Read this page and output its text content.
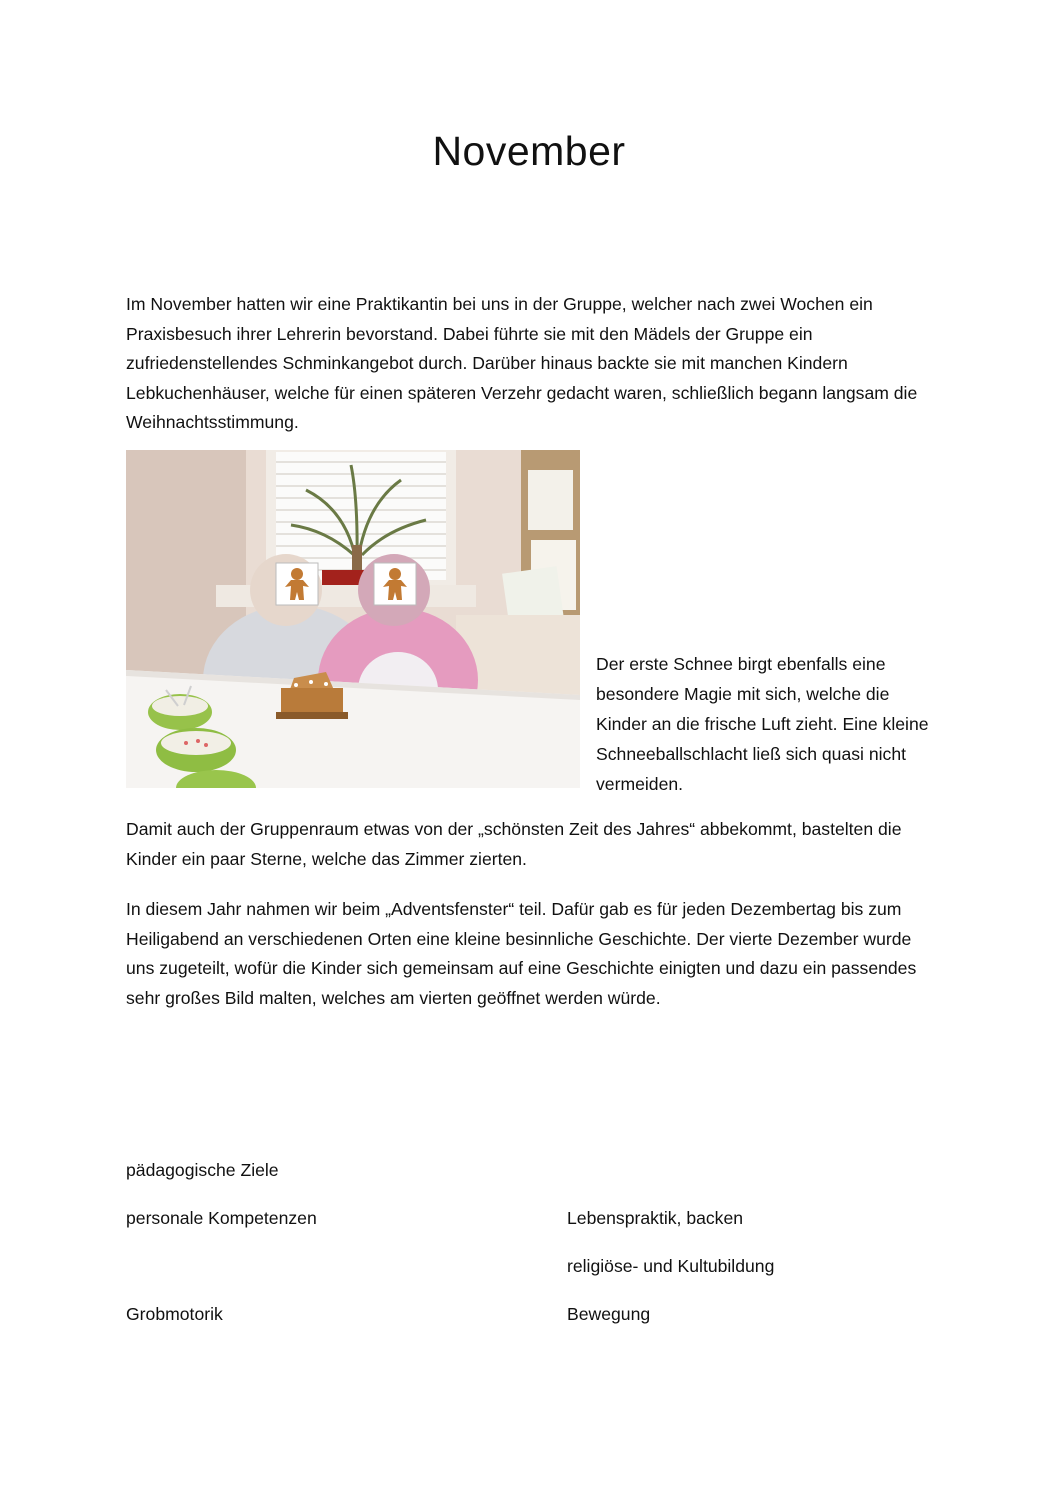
November

Im November hatten wir eine Praktikantin bei uns in der Gruppe, welcher nach zwei Wochen ein Praxisbesuch ihrer Lehrerin bevorstand. Dabei führte sie mit den Mädels der Gruppe ein zufriedenstellendes Schminkangebot durch. Darüber hinaus backte sie mit manchen Kindern Lebkuchenhäuser, welche für einen späteren Verzehr gedacht waren, schließlich begann langsam die Weihnachtsstimmung.

Der erste Schnee birgt ebenfalls eine besondere Magie mit sich, welche die Kinder an die frische Luft zieht. Eine kleine Schneeballschlacht ließ sich quasi nicht vermeiden.

Damit auch der Gruppenraum etwas von der „schönsten Zeit des Jahres“ abbekommt, bastelten die Kinder ein paar Sterne, welche das Zimmer zierten.

In diesem Jahr nahmen wir beim „Adventsfenster“ teil. Dafür gab es für jeden Dezembertag bis zum Heiligabend an verschiedenen Orten eine kleine besinnliche Geschichte. Der vierte Dezember wurde uns zugeteilt, wofür die Kinder sich gemeinsam auf eine Geschichte einigten und dazu ein passendes sehr großes Bild malten, welches am vierten geöffnet werden würde.

pädagogische Ziele

personale Kompetenzen	Lebenspraktik, backen

religiöse- und Kultubildung

Grobmotorik	Bewegung
